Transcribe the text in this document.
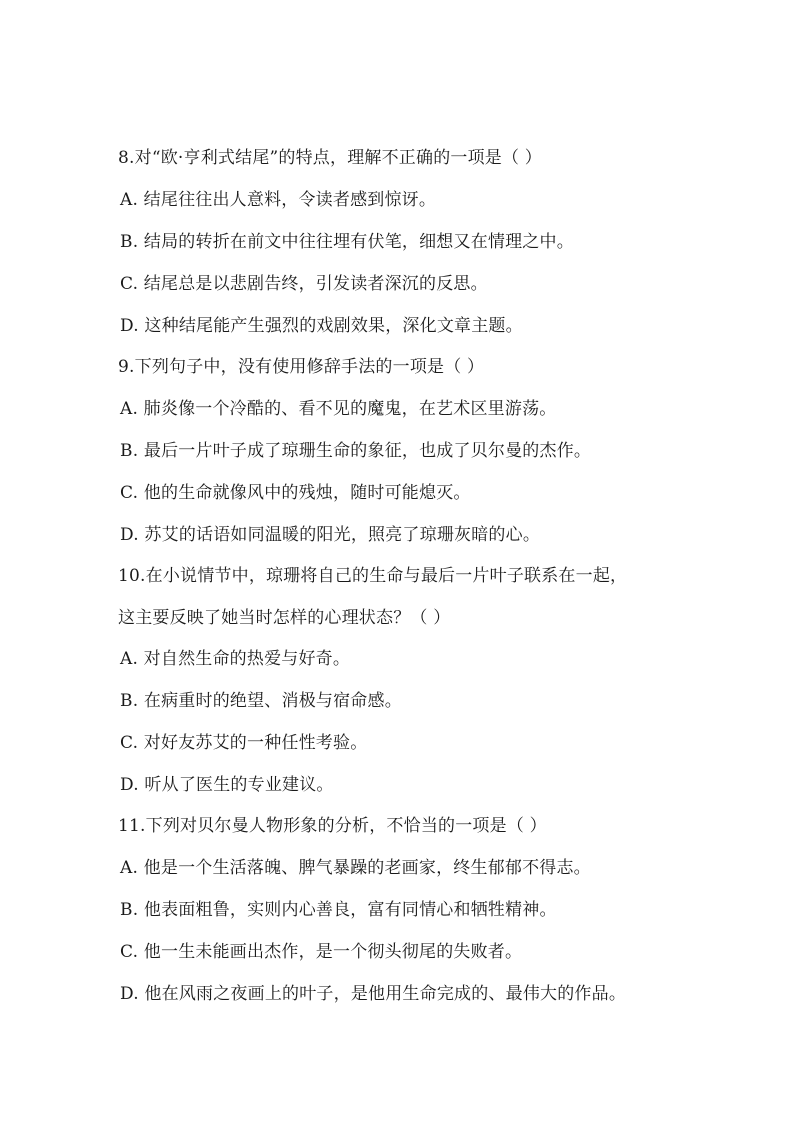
8.对“欧·亨利式结尾”的特点，理解不正确的一项是（ ）
A. 结尾往往出人意料，令读者感到惊讶。
B. 结局的转折在前文中往往埋有伏笔，细想又在情理之中。
C. 结尾总是以悲剧告终，引发读者深沉的反思。
D. 这种结尾能产生强烈的戏剧效果，深化文章主题。
9.下列句子中，没有使用修辞手法的一项是（ ）
A. 肺炎像一个冷酷的、看不见的魔鬼，在艺术区里游荡。
B. 最后一片叶子成了琼珊生命的象征，也成了贝尔曼的杰作。
C. 他的生命就像风中的残烛，随时可能熄灭。
D. 苏艾的话语如同温暖的阳光，照亮了琼珊灰暗的心。
10.在小说情节中，琼珊将自己的生命与最后一片叶子联系在一起，
这主要反映了她当时怎样的心理状态？（ ）
A. 对自然生命的热爱与好奇。
B. 在病重时的绝望、消极与宿命感。
C. 对好友苏艾的一种任性考验。
D. 听从了医生的专业建议。
11.下列对贝尔曼人物形象的分析，不恰当的一项是（ ）
A. 他是一个生活落魄、脾气暴躁的老画家，终生郁郁不得志。
B. 他表面粗鲁，实则内心善良，富有同情心和牺牲精神。
C. 他一生未能画出杰作，是一个彻头彻尾的失败者。
D. 他在风雨之夜画上的叶子，是他用生命完成的、最伟大的作品。
